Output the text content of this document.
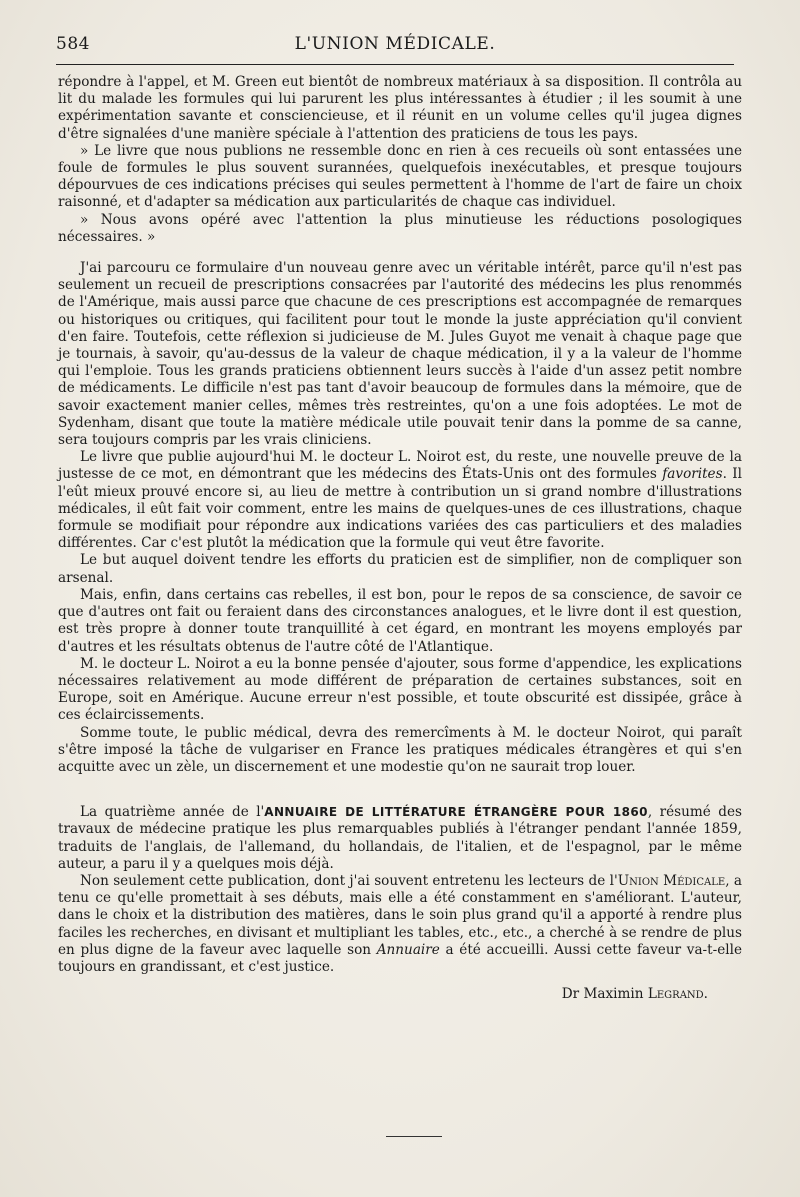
584	L'UNION MÉDICALE.

répondre à l'appel, et M. Green eut bientôt de nombreux matériaux à sa disposition. Il contrôla au lit du malade les formules qui lui parurent les plus intéressantes à étudier ; il les soumit à une expérimentation savante et consciencieuse, et il réunit en un volume celles qu'il jugea dignes d'être signalées d'une manière spéciale à l'attention des praticiens de tous les pays.

» Le livre que nous publions ne ressemble donc en rien à ces recueils où sont entassées une foule de formules le plus souvent surannées, quelquefois inexécutables, et presque toujours dépourvues de ces indications précises qui seules permettent à l'homme de l'art de faire un choix raisonné, et d'adapter sa médication aux particularités de chaque cas individuel.

» Nous avons opéré avec l'attention la plus minutieuse les réductions posologiques nécessaires. »

J'ai parcouru ce formulaire d'un nouveau genre avec un véritable intérêt, parce qu'il n'est pas seulement un recueil de prescriptions consacrées par l'autorité des médecins les plus renommés de l'Amérique, mais aussi parce que chacune de ces prescriptions est accompagnée de remarques ou historiques ou critiques, qui facilitent pour tout le monde la juste appréciation qu'il convient d'en faire. Toutefois, cette réflexion si judicieuse de M. Jules Guyot me venait à chaque page que je tournais, à savoir, qu'au-dessus de la valeur de chaque médication, il y a la valeur de l'homme qui l'emploie. Tous les grands praticiens obtiennent leurs succès à l'aide d'un assez petit nombre de médicaments. Le difficile n'est pas tant d'avoir beaucoup de formules dans la mémoire, que de savoir exactement manier celles, mêmes très restreintes, qu'on a une fois adoptées. Le mot de Sydenham, disant que toute la matière médicale utile pouvait tenir dans la pomme de sa canne, sera toujours compris par les vrais cliniciens.

Le livre que publie aujourd'hui M. le docteur L. Noirot est, du reste, une nouvelle preuve de la justesse de ce mot, en démontrant que les médecins des États-Unis ont des formules favorites. Il l'eût mieux prouvé encore si, au lieu de mettre à contribution un si grand nombre d'illustrations médicales, il eût fait voir comment, entre les mains de quelques-unes de ces illustrations, chaque formule se modifiait pour répondre aux indications variées des cas particuliers et des maladies différentes. Car c'est plutôt la médication que la formule qui veut être favorite.

Le but auquel doivent tendre les efforts du praticien est de simplifier, non de compliquer son arsenal.

Mais, enfin, dans certains cas rebelles, il est bon, pour le repos de sa conscience, de savoir ce que d'autres ont fait ou feraient dans des circonstances analogues, et le livre dont il est question, est très propre à donner toute tranquillité à cet égard, en montrant les moyens employés par d'autres et les résultats obtenus de l'autre côté de l'Atlantique.

M. le docteur L. Noirot a eu la bonne pensée d'ajouter, sous forme d'appendice, les explications nécessaires relativement au mode différent de préparation de certaines substances, soit en Europe, soit en Amérique. Aucune erreur n'est possible, et toute obscurité est dissipée, grâce à ces éclaircissements.

Somme toute, le public médical, devra des remercîments à M. le docteur Noirot, qui paraît s'être imposé la tâche de vulgariser en France les pratiques médicales étrangères et qui s'en acquitte avec un zèle, un discernement et une modestie qu'on ne saurait trop louer.

La quatrième année de l'ANNUAIRE DE LITTÉRATURE ÉTRANGÈRE POUR 1860, résumé des travaux de médecine pratique les plus remarquables publiés à l'étranger pendant l'année 1859, traduits de l'anglais, de l'allemand, du hollandais, de l'italien, et de l'espagnol, par le même auteur, a paru il y a quelques mois déjà.

Non seulement cette publication, dont j'ai souvent entretenu les lecteurs de l'Union Médicale, a tenu ce qu'elle promettait à ses débuts, mais elle a été constamment en s'améliorant. L'auteur, dans le choix et la distribution des matières, dans le soin plus grand qu'il a apporté à rendre plus faciles les recherches, en divisant et multipliant les tables, etc., etc., a cherché à se rendre de plus en plus digne de la faveur avec laquelle son Annuaire a été accueilli. Aussi cette faveur va-t-elle toujours en grandissant, et c'est justice.

Dr Maximin Legrand.
